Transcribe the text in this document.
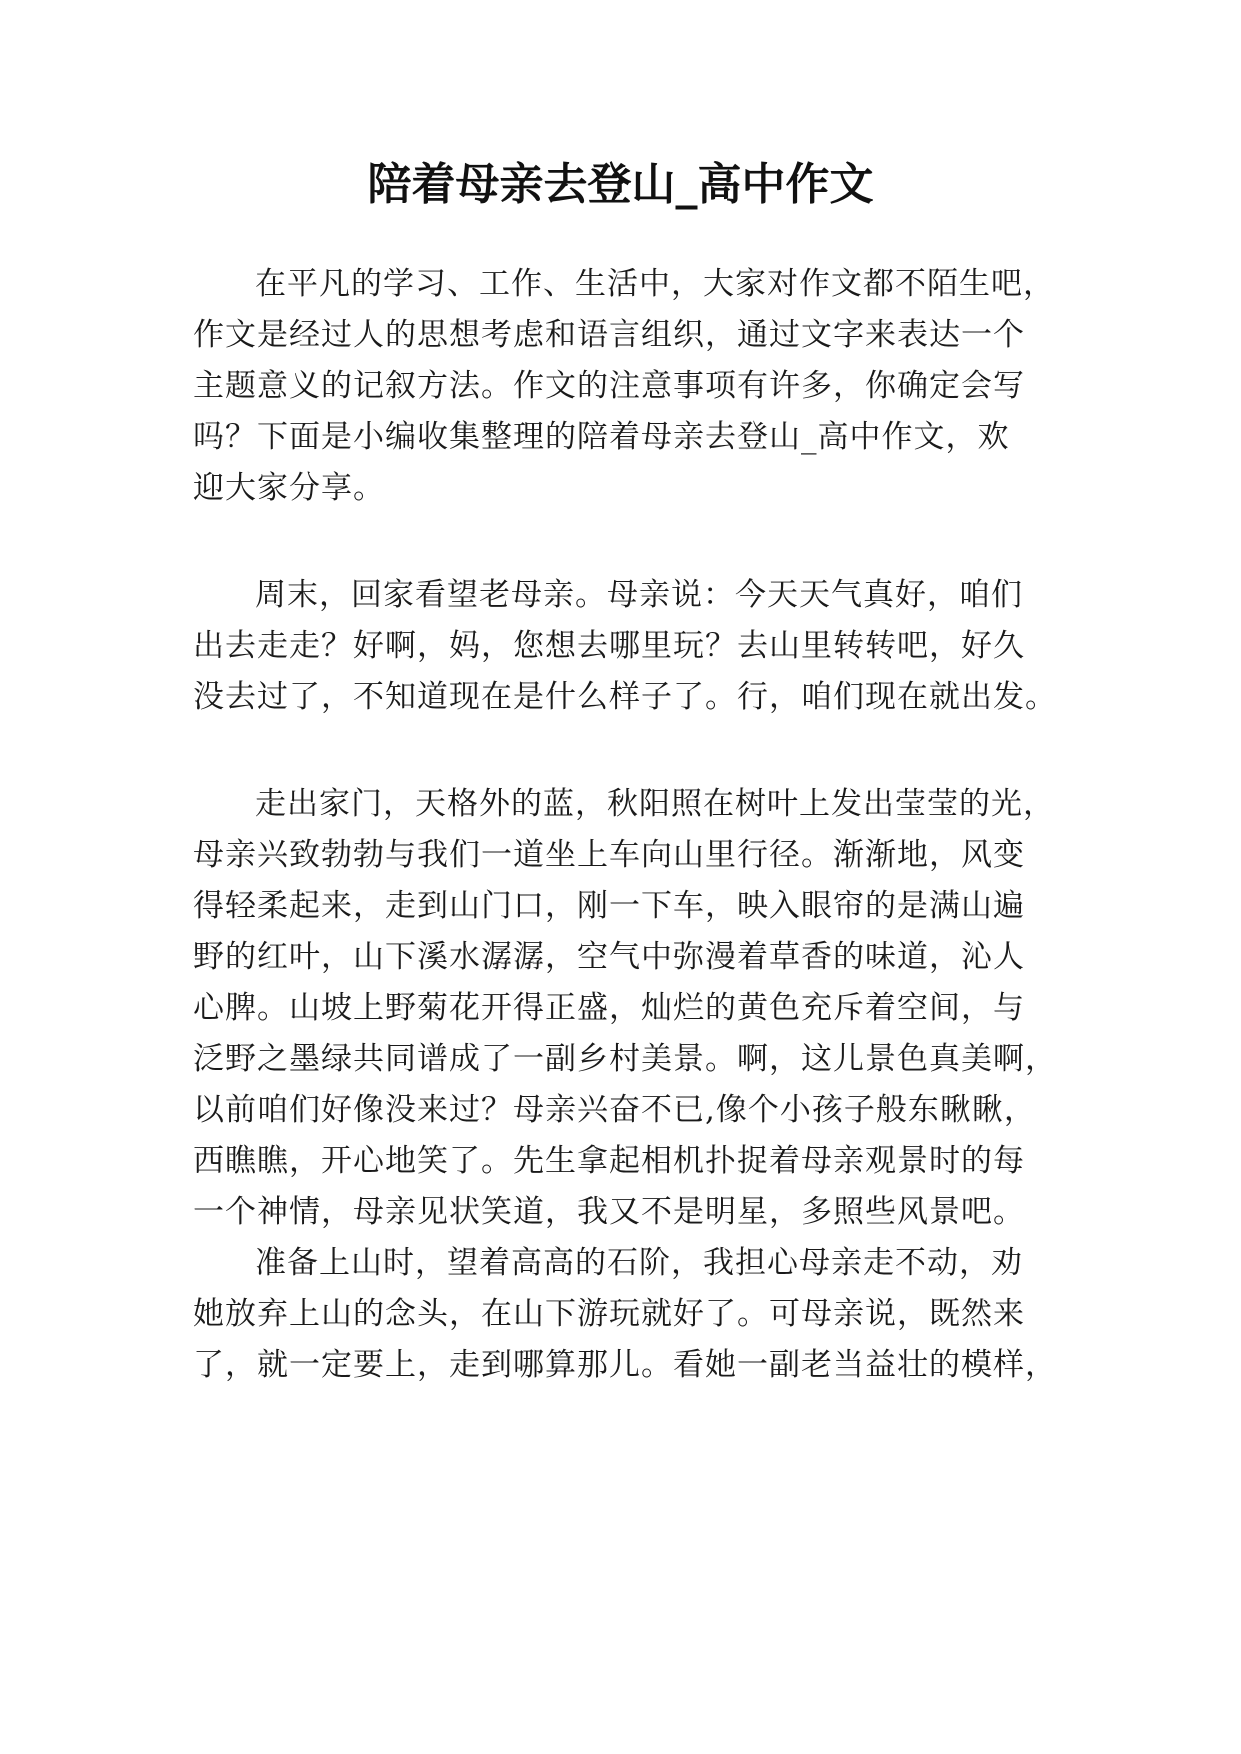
陪着母亲去登山_高中作文
在平凡的学习、工作、生活中，大家对作文都不陌生吧，
作文是经过人的思想考虑和语言组织，通过文字来表达一个
主题意义的记叙方法。作文的注意事项有许多，你确定会写
吗？下面是小编收集整理的陪着母亲去登山_高中作文，欢
迎大家分享。
周末，回家看望老母亲。母亲说：今天天气真好，咱们
出去走走？好啊，妈，您想去哪里玩？去山里转转吧，好久
没去过了，不知道现在是什么样子了。行，咱们现在就出发。
走出家门，天格外的蓝，秋阳照在树叶上发出莹莹的光，
母亲兴致勃勃与我们一道坐上车向山里行径。渐渐地，风变
得轻柔起来，走到山门口，刚一下车，映入眼帘的是满山遍
野的红叶，山下溪水潺潺，空气中弥漫着草香的味道，沁人
心脾。山坡上野菊花开得正盛，灿烂的黄色充斥着空间，与
泛野之墨绿共同谱成了一副乡村美景。啊，这儿景色真美啊，
以前咱们好像没来过？母亲兴奋不已,像个小孩子般东瞅瞅，
西瞧瞧，开心地笑了。先生拿起相机扑捉着母亲观景时的每
一个神情，母亲见状笑道，我又不是明星，多照些风景吧。
准备上山时，望着高高的石阶，我担心母亲走不动，劝
她放弃上山的念头，在山下游玩就好了。可母亲说，既然来
了，就一定要上，走到哪算那儿。看她一副老当益壮的模样，
